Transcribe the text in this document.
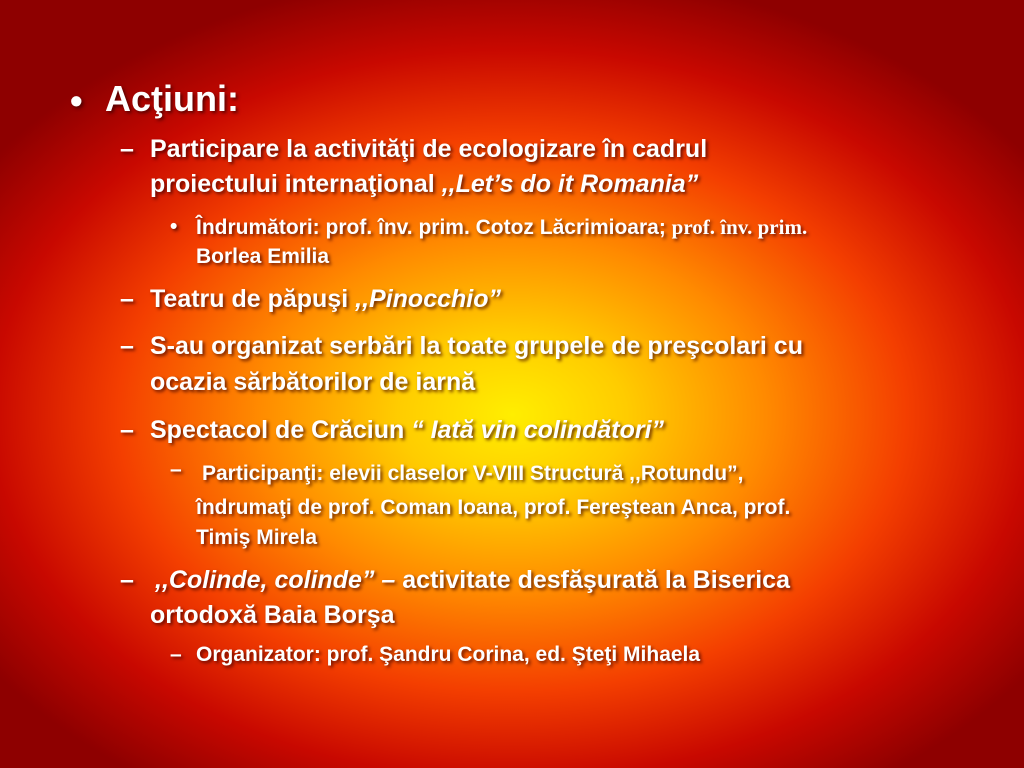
• Acţiuni:
– Participare la activităţi de ecologizare în cadrul
proiectului internaţional ,,Let’s do it Romania”
• Îndrumători: prof. înv. prim. Cotoz Lăcrimioara; prof. înv. prim.
Borlea Emilia
– Teatru de păpuşi ,,Pinocchio”
– S-au organizat serbări la toate grupele de preşcolari cu
ocazia sărbătorilor de iarnă
– Spectacol de Crăciun “ Iată vin colindători”
– Participanţi: elevii claselor V-VIII Structură ,,Rotundu”,
îndrumaţi de prof. Coman Ioana, prof. Fereştean Anca, prof.
Timiş Mirela
– ,,Colinde, colinde” – activitate desfăşurată la Biserica
ortodoxă Baia Borşa
– Organizator: prof. Şandru Corina, ed. Şteţi Mihaela
